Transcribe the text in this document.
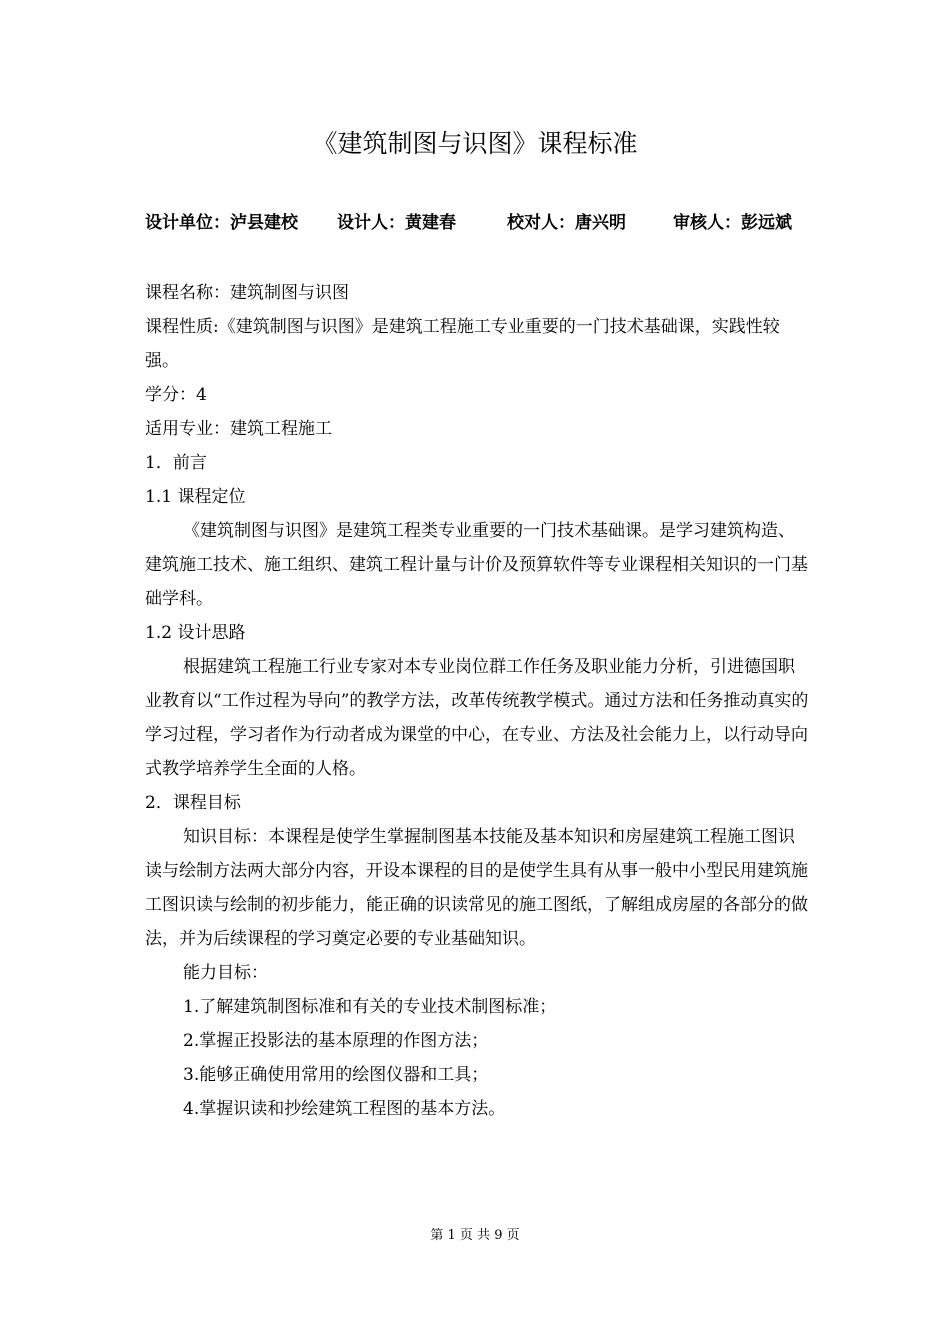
《建筑制图与识图》课程标准
设计单位：泸县建校 设计人：黄建春	校对人：唐兴明	审核人：彭远斌

课程名称：建筑制图与识图

课程性质:《建筑制图与识图》是建筑工程施工专业重要的一门技术基础课，实践性较强。

学分：4

适用专业：建筑工程施工

1．前言

1.1 课程定位

《建筑制图与识图》是建筑工程类专业重要的一门技术基础课。是学习建筑构造、建筑施工技术、施工组织、建筑工程计量与计价及预算软件等专业课程相关知识的一门基础学科。

1.2 设计思路

根据建筑工程施工行业专家对本专业岗位群工作任务及职业能力分析，引进德国职业教育以“工作过程为导向”的教学方法，改革传统教学模式。通过方法和任务推动真实的学习过程，学习者作为行动者成为课堂的中心，在专业、方法及社会能力上，以行动导向式教学培养学生全面的人格。

2．课程目标

知识目标：本课程是使学生掌握制图基本技能及基本知识和房屋建筑工程施工图识读与绘制方法两大部分内容，开设本课程的目的是使学生具有从事一般中小型民用建筑施工图识读与绘制的初步能力，能正确的识读常见的施工图纸，了解组成房屋的各部分的做法，并为后续课程的学习奠定必要的专业基础知识。

能力目标：

1.了解建筑制图标准和有关的专业技术制图标准；

2.掌握正投影法的基本原理的作图方法；

3.能够正确使用常用的绘图仪器和工具；

4.掌握识读和抄绘建筑工程图的基本方法。

第 1 页 共 9 页
